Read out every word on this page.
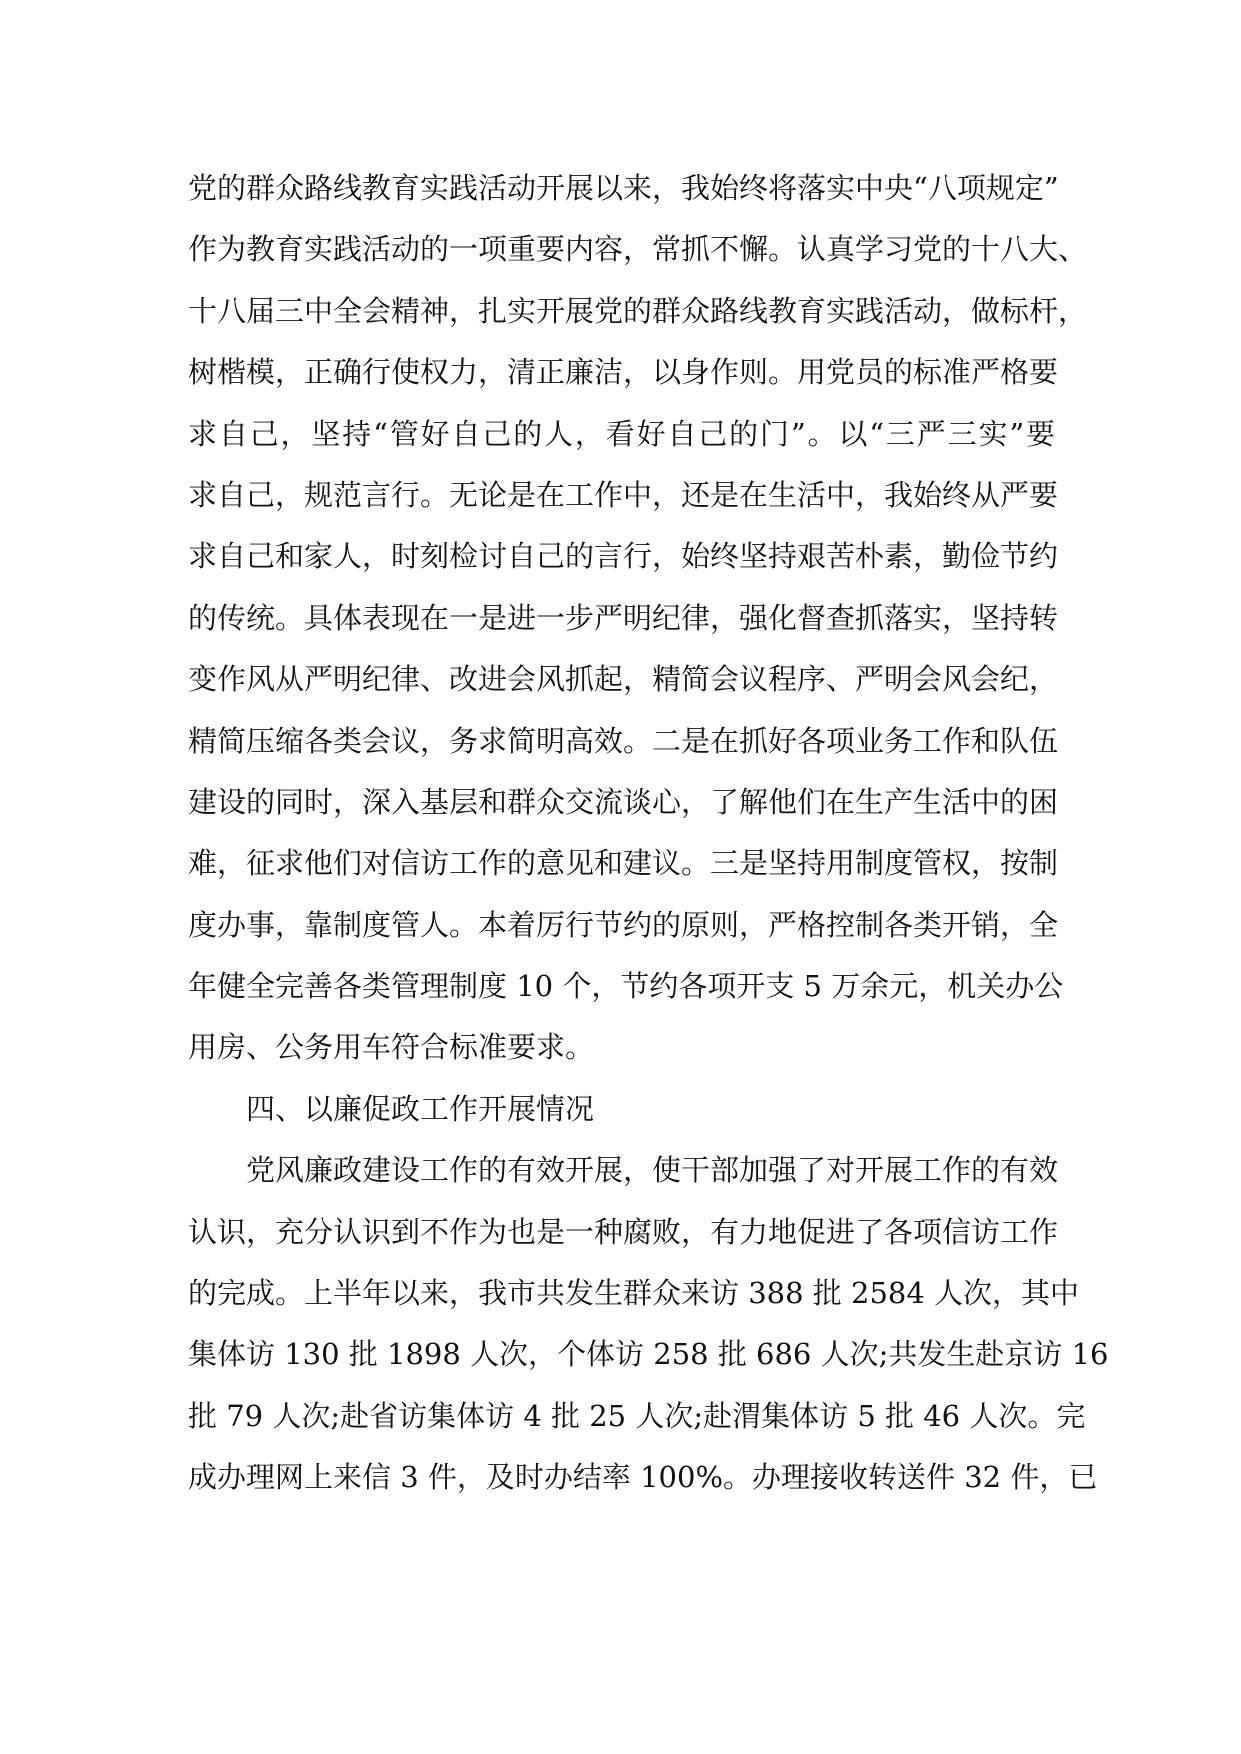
党的群众路线教育实践活动开展以来，我始终将落实中央“八项规定”
作为教育实践活动的一项重要内容，常抓不懈。认真学习党的十八大、
十八届三中全会精神，扎实开展党的群众路线教育实践活动，做标杆，
树楷模，正确行使权力，清正廉洁，以身作则。用党员的标准严格要
求自己，坚持“管好自己的人，看好自己的门”。以“三严三实”要
求自己，规范言行。无论是在工作中，还是在生活中，我始终从严要
求自己和家人，时刻检讨自己的言行，始终坚持艰苦朴素，勤俭节约
的传统。具体表现在一是进一步严明纪律，强化督查抓落实，坚持转
变作风从严明纪律、改进会风抓起，精简会议程序、严明会风会纪，
精简压缩各类会议，务求简明高效。二是在抓好各项业务工作和队伍
建设的同时，深入基层和群众交流谈心，了解他们在生产生活中的困
难，征求他们对信访工作的意见和建议。三是坚持用制度管权，按制
度办事，靠制度管人。本着厉行节约的原则，严格控制各类开销，全
年健全完善各类管理制度 10 个，节约各项开支 5 万余元，机关办公
用房、公务用车符合标准要求。
四、以廉促政工作开展情况
党风廉政建设工作的有效开展，使干部加强了对开展工作的有效
认识，充分认识到不作为也是一种腐败，有力地促进了各项信访工作
的完成。上半年以来，我市共发生群众来访 388 批 2584 人次，其中
集体访 130 批 1898 人次，个体访 258 批 686 人次;共发生赴京访 16
批 79 人次;赴省访集体访 4 批 25 人次;赴渭集体访 5 批 46 人次。完
成办理网上来信 3 件，及时办结率 100%。办理接收转送件 32 件，已
